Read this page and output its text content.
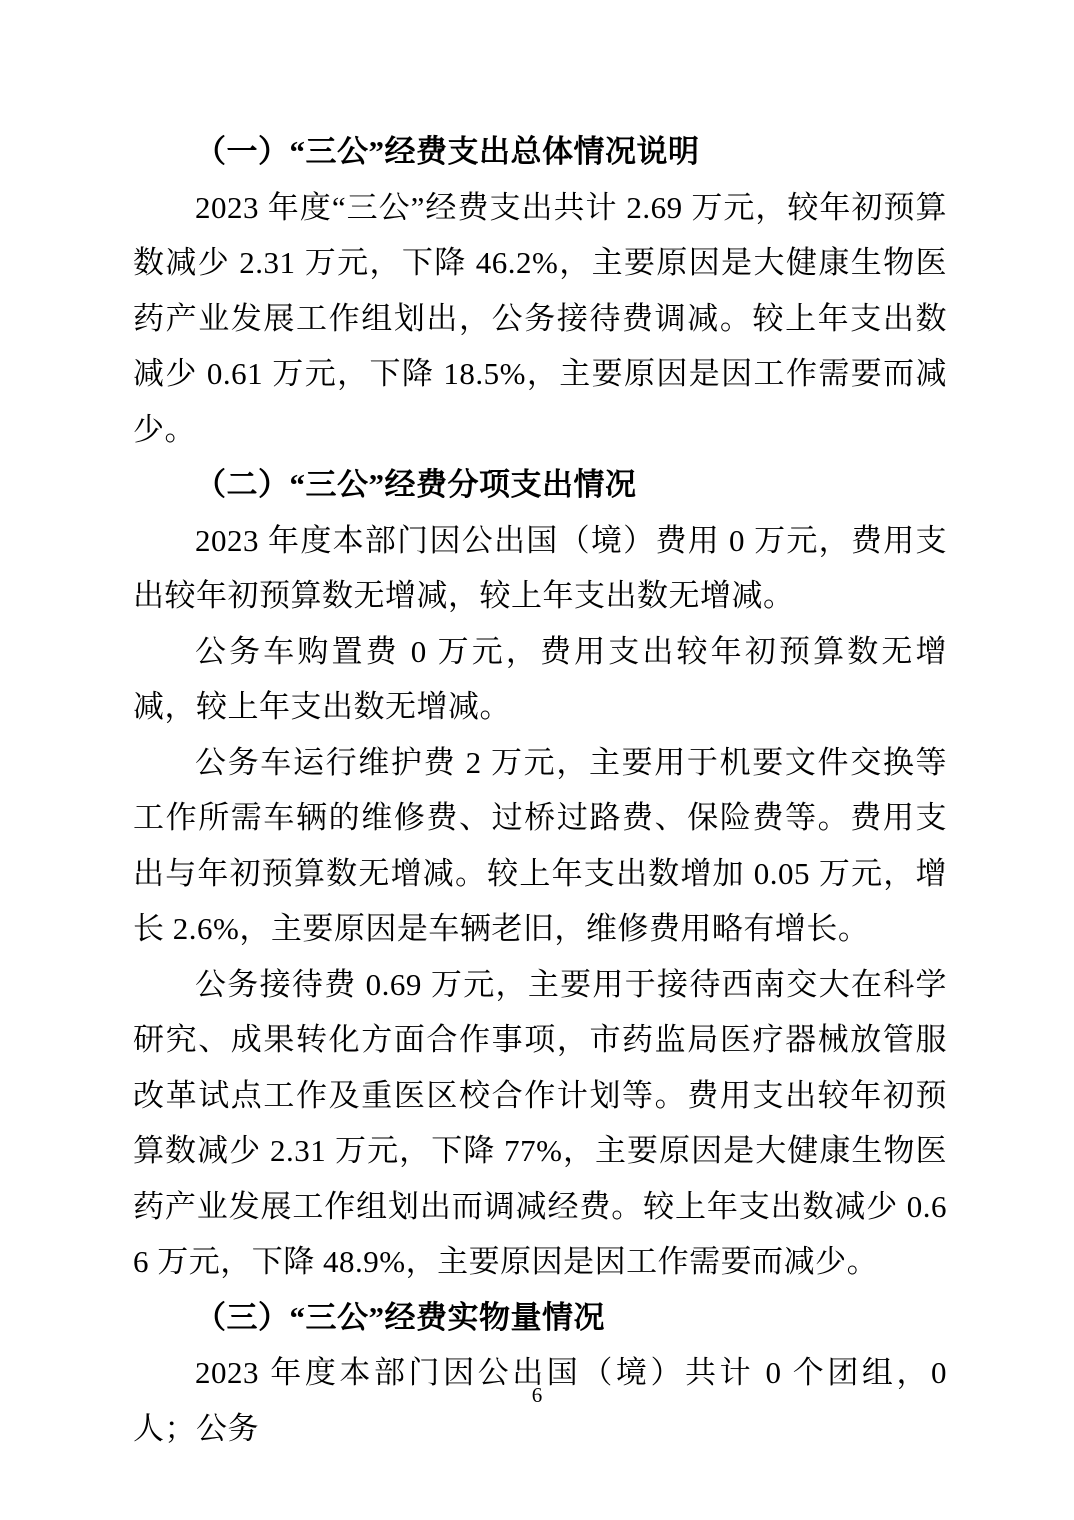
（一）“三公”经费支出总体情况说明

2023 年度“三公”经费支出共计 2.69 万元，较年初预算数减少 2.31 万元，下降 46.2%，主要原因是大健康生物医药产业发展工作组划出，公务接待费调减。较上年支出数减少 0.61 万元，下降 18.5%，主要原因是因工作需要而减少。

（二）“三公”经费分项支出情况

2023 年度本部门因公出国（境）费用 0 万元，费用支出较年初预算数无增减，较上年支出数无增减。

公务车购置费 0 万元，费用支出较年初预算数无增减，较上年支出数无增减。

公务车运行维护费 2 万元，主要用于机要文件交换等工作所需车辆的维修费、过桥过路费、保险费等。费用支出与年初预算数无增减。较上年支出数增加 0.05 万元，增长 2.6%，主要原因是车辆老旧，维修费用略有增长。

公务接待费 0.69 万元，主要用于接待西南交大在科学研究、成果转化方面合作事项，市药监局医疗器械放管服改革试点工作及重医区校合作计划等。费用支出较年初预算数减少 2.31 万元，下降 77%，主要原因是大健康生物医药产业发展工作组划出而调减经费。较上年支出数减少 0.66 万元，下降 48.9%，主要原因是因工作需要而减少。

（三）“三公”经费实物量情况

2023 年度本部门因公出国（境）共计 0 个团组，0 人；公务

6
